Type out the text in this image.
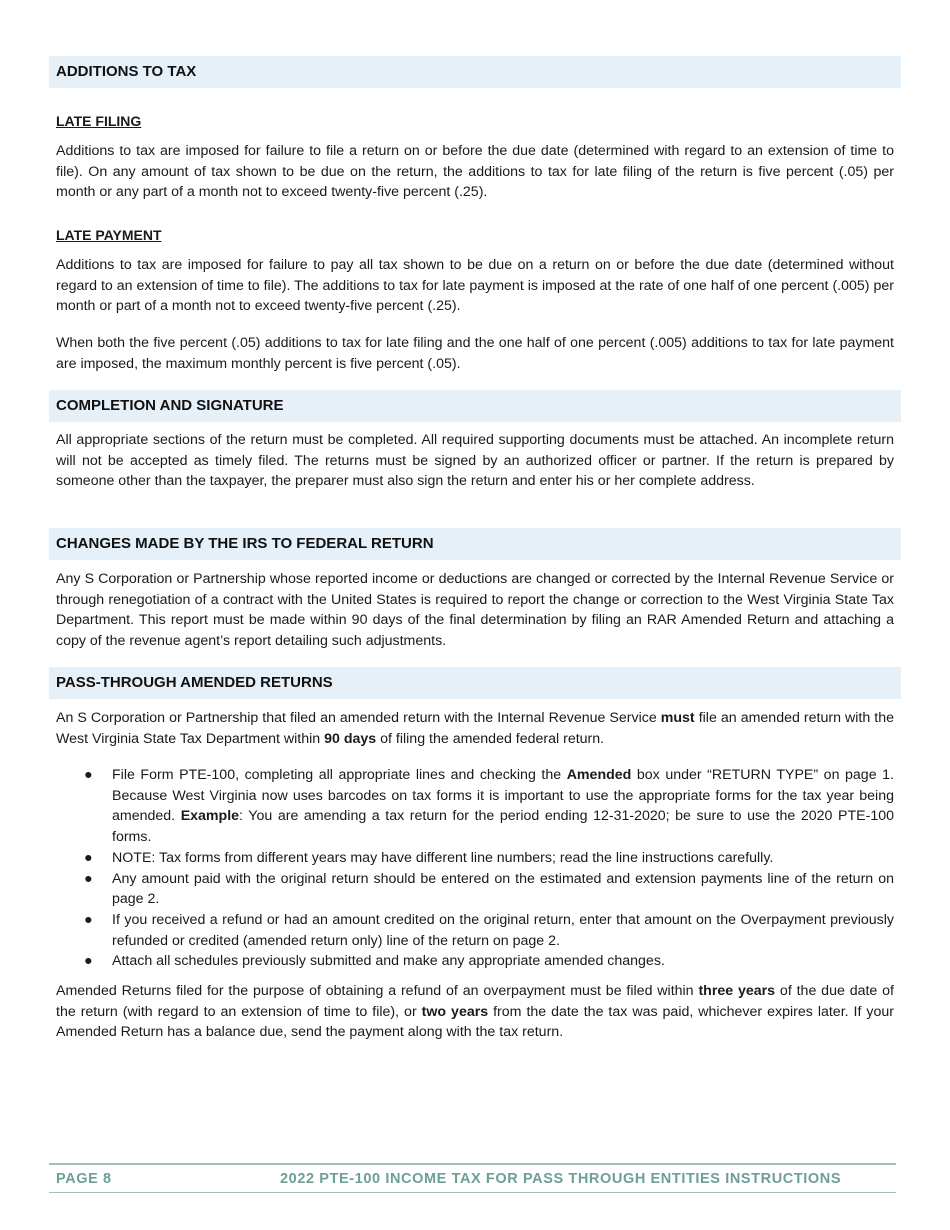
ADDITIONS TO TAX
LATE FILING
Additions to tax are imposed for failure to file a return on or before the due date (determined with regard to an extension of time to file). On any amount of tax shown to be due on the return, the additions to tax for late filing of the return is five percent (.05) per month or any part of a month not to exceed twenty-five percent (.25).
LATE PAYMENT
Additions to tax are imposed for failure to pay all tax shown to be due on a return on or before the due date (determined without regard to an extension of time to file). The additions to tax for late payment is imposed at the rate of one half of one percent (.005) per month or part of a month not to exceed twenty-five percent (.25).
When both the five percent (.05) additions to tax for late filing and the one half of one percent (.005) additions to tax for late payment are imposed, the maximum monthly percent is five percent (.05).
COMPLETION AND SIGNATURE
All appropriate sections of the return must be completed. All required supporting documents must be attached. An incomplete return will not be accepted as timely filed. The returns must be signed by an authorized officer or partner. If the return is prepared by someone other than the taxpayer, the preparer must also sign the return and enter his or her complete address.
CHANGES MADE BY THE IRS TO FEDERAL RETURN
Any S Corporation or Partnership whose reported income or deductions are changed or corrected by the Internal Revenue Service or through renegotiation of a contract with the United States is required to report the change or correction to the West Virginia State Tax Department. This report must be made within 90 days of the final determination by filing an RAR Amended Return and attaching a copy of the revenue agent’s report detailing such adjustments.
PASS-THROUGH AMENDED RETURNS
An S Corporation or Partnership that filed an amended return with the Internal Revenue Service must file an amended return with the West Virginia State Tax Department within 90 days of filing the amended federal return.
● File Form PTE-100, completing all appropriate lines and checking the Amended box under “RETURN TYPE” on page 1. Because West Virginia now uses barcodes on tax forms it is important to use the appropriate forms for the tax year being amended. Example: You are amending a tax return for the period ending 12-31-2020; be sure to use the 2020 PTE-100 forms.
● NOTE: Tax forms from different years may have different line numbers; read the line instructions carefully.
● Any amount paid with the original return should be entered on the estimated and extension payments line of the return on page 2.
● If you received a refund or had an amount credited on the original return, enter that amount on the Overpayment previously refunded or credited (amended return only) line of the return on page 2.
● Attach all schedules previously submitted and make any appropriate amended changes.
Amended Returns filed for the purpose of obtaining a refund of an overpayment must be filed within three years of the due date of the return (with regard to an extension of time to file), or two years from the date the tax was paid, whichever expires later. If your Amended Return has a balance due, send the payment along with the tax return.
PAGE 8	2022 PTE-100 INCOME TAX FOR PASS THROUGH ENTITIES INSTRUCTIONS
